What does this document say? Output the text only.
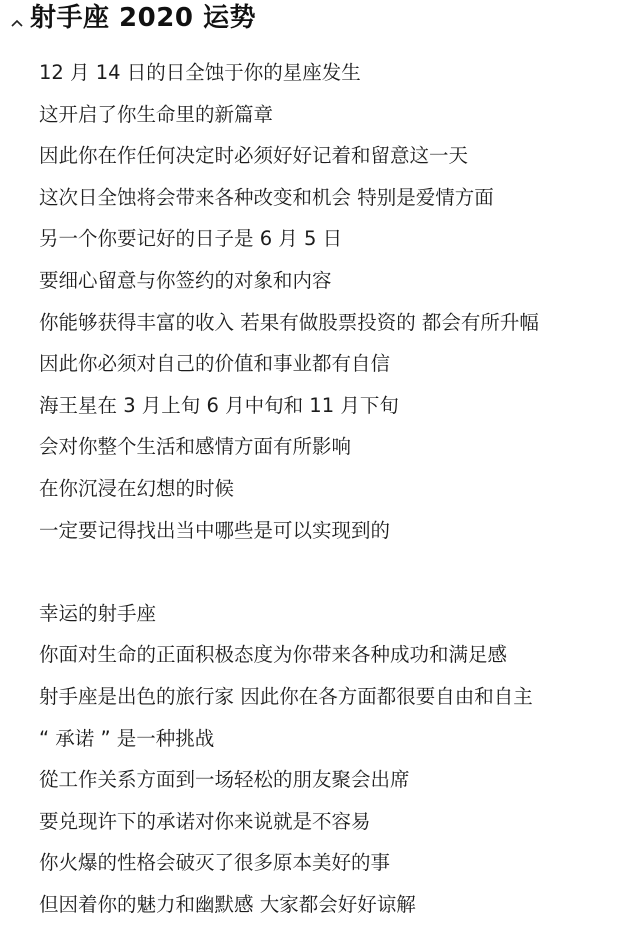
射手座 2020 运势
12 月 14 日的日全蚀于你的星座发生
这开启了你生命里的新篇章
因此你在作任何决定时必须好好记着和留意这一天
这次日全蚀将会带来各种改变和机会 特别是爱情方面
另一个你要记好的日子是 6 月 5 日
要细心留意与你签约的对象和内容
你能够获得丰富的收入 若果有做股票投资的 都会有所升幅
因此你必须对自己的价值和事业都有自信
海王星在 3 月上旬 6 月中旬和 11 月下旬
会对你整个生活和感情方面有所影响
在你沉浸在幻想的时候
一定要记得找出当中哪些是可以实现到的
幸运的射手座
你面对生命的正面积极态度为你带来各种成功和满足感
射手座是出色的旅行家 因此你在各方面都很要自由和自主
“ 承诺 ” 是一种挑战
從工作关系方面到一场轻松的朋友聚会出席
要兑现许下的承诺对你来说就是不容易
你火爆的性格会破灭了很多原本美好的事
但因着你的魅力和幽默感 大家都会好好谅解
